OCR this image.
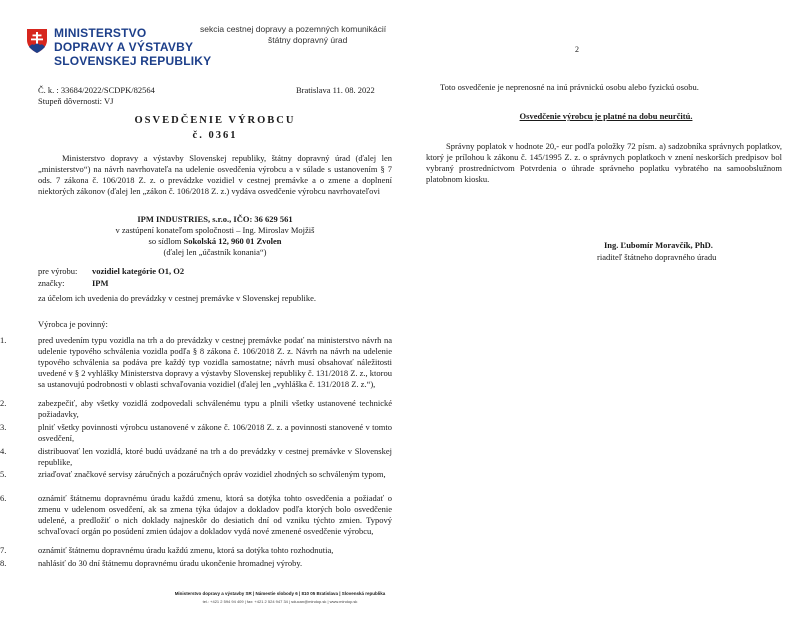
MINISTERSTVO
DOPRAVY A VÝSTAVBY
SLOVENSKEJ REPUBLIKY
sekcia cestnej dopravy a pozemných komunikácií
štátny dopravný úrad
2
Č. k. : 33684/2022/SCDPK/82564	Bratislava 11. 08. 2022
Stupeň dôvernosti: VJ
OSVEDČENIE VÝROBCU
č. 0361
Ministerstvo dopravy a výstavby Slovenskej republiky, štátny dopravný úrad (ďalej len „ministerstvo“) na návrh navrhovateľa na udelenie osvedčenia výrobcu a v súlade s ustanovením § 7 ods. 7 zákona č. 106/2018 Z. z. o prevádzke vozidiel v cestnej premávke a o zmene a doplnení niektorých zákonov (ďalej len „zákon č. 106/2018 Z. z.) vydáva osvedčenie výrobcu navrhovateľovi
IPM INDUSTRIES, s.r.o., IČO: 36 629 561
v zastúpení konateľom spoločnosti – Ing. Miroslav Mojžiš
so sídlom Sokolská 12, 960 01 Zvolen
(ďalej len „účastník konania“)
pre výrobu: vozidiel kategórie O1, O2
značky:	IPM
za účelom ich uvedenia do prevádzky v cestnej premávke v Slovenskej republike.
Výrobca je povinný:
1.	pred uvedením typu vozidla na trh a do prevádzky v cestnej premávke podať na ministerstvo návrh na udelenie typového schválenia vozidla podľa § 8 zákona č. 106/2018 Z. z. Návrh na návrh na udelenie typového schválenia sa podáva pre každý typ vozidla samostatne; návrh musí obsahovať náležitosti uvedené v § 2 vyhlášky Ministerstva dopravy a výstavby Slovenskej republiky č. 131/2018 Z. z., ktorou sa ustanovujú podrobnosti v oblasti schvaľovania vozidiel (ďalej len „vyhláška č. 131/2018 Z. z.“),
2.	zabezpečiť, aby všetky vozidlá zodpovedali schválenému typu a plnili všetky ustanovené technické požiadavky,
3.	plniť všetky povinnosti výrobcu ustanovené v zákone č. 106/2018 Z. z. a povinnosti stanovené v tomto osvedčení,
4.	distribuovať len vozidlá, ktoré budú uvádzané na trh a do prevádzky v cestnej premávke v Slovenskej republike,
5.	zriaďovať značkové servisy záručných a pozáručných opráv vozidiel zhodných so schváleným typom,
6.	oznámiť štátnemu dopravnému úradu každú zmenu, ktorá sa dotýka tohto osvedčenia a požiadať o zmenu v udelenom osvedčení, ak sa zmena týka údajov a dokladov podľa ktorých bolo osvedčenie udelené, a predložiť o nich doklady najneskôr do desiatich dní od vzniku týchto zmien. Typový schvaľovací orgán po posúdení zmien údajov a dokladov vydá nové zmenené osvedčenie výrobcu,
7.	oznámiť štátnemu dopravnému úradu každú zmenu, ktorá sa dotýka tohto rozhodnutia,
8.	nahlásiť do 30 dní štátnemu dopravnému úradu ukončenie hromadnej výroby.
Toto osvedčenie je neprenosné na inú právnickú osobu alebo fyzickú osobu.
Osvedčenie výrobcu je platné na dobu neurčitú.
Správny poplatok v hodnote 20,- eur podľa položky 72 písm. a) sadzobníka správnych poplatkov, ktorý je prílohou k zákonu č. 145/1995 Z. z. o správnych poplatkoch v znení neskorších predpisov bol vybraný prostredníctvom Potvrdenia o úhrade správneho poplatku vybratého na samoobslužnom platobnom kiosku.
Ing. Ľubomír Moravčík, PhD.
riaditeľ štátneho dopravného úradu
Ministerstvo dopravy a výstavby SR | Námestie slobody 6 | 810 05 Bratislava | Slovenská republika
tel.: +421 2 594 94 409 | fax: +421 2 524 947 34 | sducan@mindop.sk | www.mindop.sk
